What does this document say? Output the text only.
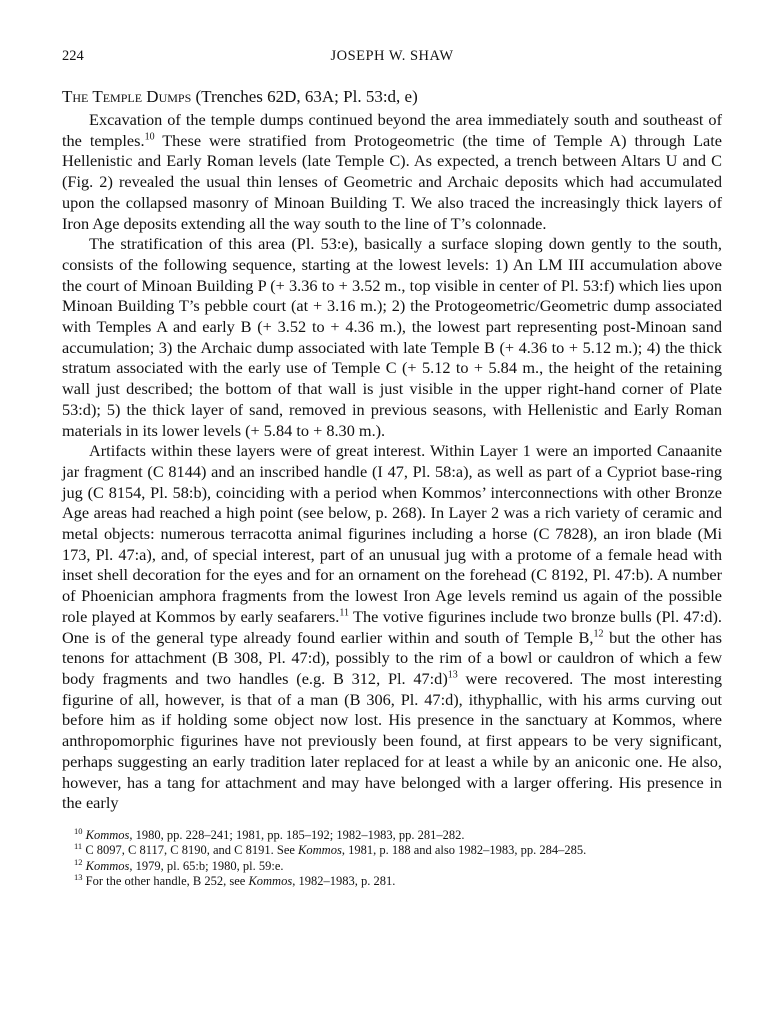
224	JOSEPH W. SHAW
The Temple Dumps (Trenches 62D, 63A; Pl. 53:d, e)

Excavation of the temple dumps continued beyond the area immediately south and southeast of the temples.$^{10}$ These were stratified from Protogeometric (the time of Temple A) through Late Hellenistic and Early Roman levels (late Temple C). As expected, a trench between Altars U and C (Fig. 2) revealed the usual thin lenses of Geometric and Archaic deposits which had accumulated upon the collapsed masonry of Minoan Building T. We also traced the increasingly thick layers of Iron Age deposits extending all the way south to the line of T’s colonnade.

The stratification of this area (Pl. 53:e), basically a surface sloping down gently to the south, consists of the following sequence, starting at the lowest levels: 1) An LM III accumulation above the court of Minoan Building P (+ 3.36 to + 3.52 m., top visible in center of Pl. 53:f) which lies upon Minoan Building T’s pebble court (at + 3.16 m.); 2) the Protogeometric/Geometric dump associated with Temples A and early B (+ 3.52 to + 4.36 m.), the lowest part representing post-Minoan sand accumulation; 3) the Archaic dump associated with late Temple B (+ 4.36 to + 5.12 m.); 4) the thick stratum associated with the early use of Temple C (+ 5.12 to + 5.84 m., the height of the retaining wall just described; the bottom of that wall is just visible in the upper right-hand corner of Plate 53:d); 5) the thick layer of sand, removed in previous seasons, with Hellenistic and Early Roman materials in its lower levels (+ 5.84 to + 8.30 m.).

Artifacts within these layers were of great interest. Within Layer 1 were an imported Canaanite jar fragment (C 8144) and an inscribed handle (I 47, Pl. 58:a), as well as part of a Cypriot base-ring jug (C 8154, Pl. 58:b), coinciding with a period when Kommos’ interconnections with other Bronze Age areas had reached a high point (see below, p. 268). In Layer 2 was a rich variety of ceramic and metal objects: numerous terracotta animal figurines including a horse (C 7828), an iron blade (Mi 173, Pl. 47:a), and, of special interest, part of an unusual jug with a protome of a female head with inset shell decoration for the eyes and for an ornament on the forehead (C 8192, Pl. 47:b). A number of Phoenician amphora fragments from the lowest Iron Age levels remind us again of the possible role played at Kommos by early seafarers.$^{11}$ The votive figurines include two bronze bulls (Pl. 47:d). One is of the general type already found earlier within and south of Temple B,$^{12}$ but the other has tenons for attachment (B 308, Pl. 47:d), possibly to the rim of a bowl or cauldron of which a few body fragments and two handles (e.g. B 312, Pl. 47:d)$^{13}$ were recovered. The most interesting figurine of all, however, is that of a man (B 306, Pl. 47:d), ithyphallic, with his arms curving out before him as if holding some object now lost. His presence in the sanctuary at Kommos, where anthropomorphic figurines have not previously been found, at first appears to be very significant, perhaps suggesting an early tradition later replaced for at least a while by an aniconic one. He also, however, has a tang for attachment and may have belonged with a larger offering. His presence in the early

$^{10}$ Kommos, 1980, pp. 228–241; 1981, pp. 185–192; 1982–1983, pp. 281–282.

$^{11}$ C 8097, C 8117, C 8190, and C 8191. See Kommos, 1981, p. 188 and also 1982–1983, pp. 284–285.

$^{12}$ Kommos, 1979, pl. 65:b; 1980, pl. 59:e.

$^{13}$ For the other handle, B 252, see Kommos, 1982–1983, p. 281.
